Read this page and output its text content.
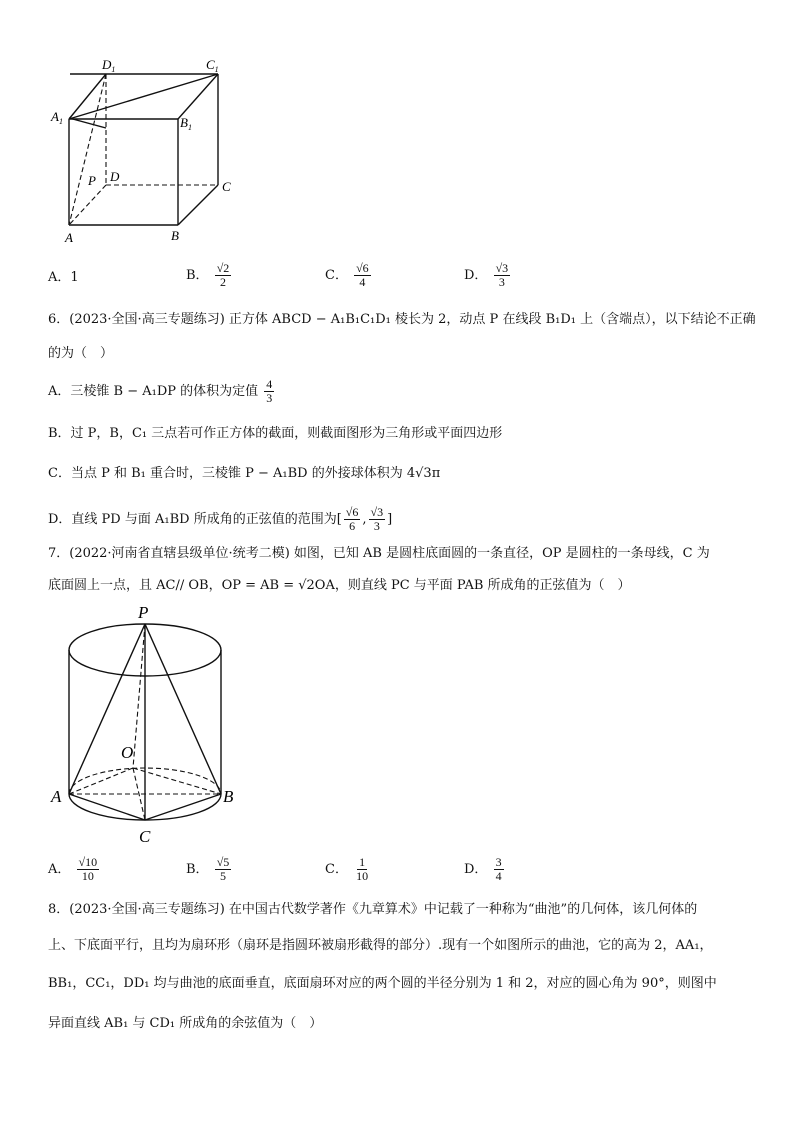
$D_1$	$C_1$
$A_1$	$B_1$
P D
C
A	B
A．1	B． $\frac{√2}{2}$	C． $\frac{√6}{4}$	D． $\frac{√3}{3}$
6．(2023·全国·高三专题练习) 正方体 ABCD − A₁B₁C₁D₁ 棱长为 2，动点 P 在线段 B₁D₁ 上（含端点），以下结论不正确
的为（　）
A．三棱锥 B − A₁DP 的体积为定值 $\frac{4}{3}$
B．过 P，B，C₁ 三点若可作正方体的截面，则截面图形为三角形或平面四边形
C．当点 P 和 B₁ 重合时，三棱锥 P − A₁BD 的外接球体积为 4√3π
D．直线 PD 与面 A₁BD 所成角的正弦值的范围为[ $\frac{√6}{6}$ , $\frac{√3}{3}$ ]
7．(2022·河南省直辖县级单位·统考二模) 如图，已知 AB 是圆柱底面圆的一条直径，OP 是圆柱的一条母线，C 为
底面圆上一点，且 AC// OB，OP = AB = √2OA，则直线 PC 与平面 PAB 所成角的正弦值为（　）
P
O
A	B
C
A． $\frac{√10}{10}$	B． $\frac{√5}{5}$	C． $\frac{1}{10}$	D． $\frac{3}{4}$
8．(2023·全国·高三专题练习) 在中国古代数学著作《九章算术》中记载了一种称为“曲池”的几何体，该几何体的
上、下底面平行，且均为扇环形（扇环是指圆环被扇形截得的部分）.现有一个如图所示的曲池，它的高为 2，AA₁，
BB₁，CC₁，DD₁ 均与曲池的底面垂直，底面扇环对应的两个圆的半径分别为 1 和 2，对应的圆心角为 90°，则图中
异面直线 AB₁ 与 CD₁ 所成角的余弦值为（　）
